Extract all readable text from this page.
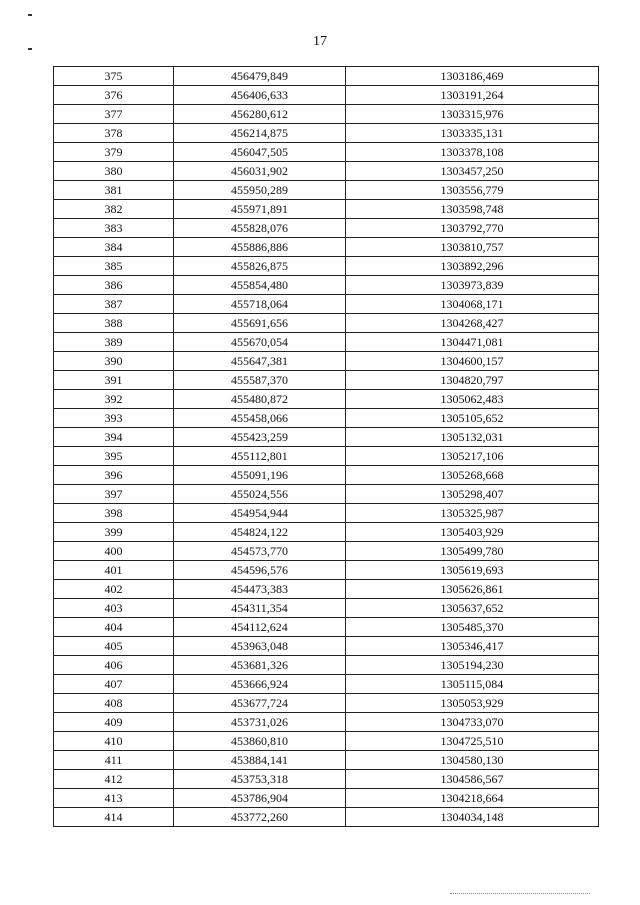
17
375	456479,849	1303186,469
376	456406,633	1303191,264
377	456280,612	1303315,976
378	456214,875	1303335,131
379	456047,505	1303378,108
380	456031,902	1303457,250
381	455950,289	1303556,779
382	455971,891	1303598,748
383	455828,076	1303792,770
384	455886,886	1303810,757
385	455826,875	1303892,296
386	455854,480	1303973,839
387	455718,064	1304068,171
388	455691,656	1304268,427
389	455670,054	1304471,081
390	455647,381	1304600,157
391	455587,370	1304820,797
392	455480,872	1305062,483
393	455458,066	1305105,652
394	455423,259	1305132,031
395	455112,801	1305217,106
396	455091,196	1305268,668
397	455024,556	1305298,407
398	454954,944	1305325,987
399	454824,122	1305403,929
400	454573,770	1305499,780
401	454596,576	1305619,693
402	454473,383	1305626,861
403	454311,354	1305637,652
404	454112,624	1305485,370
405	453963,048	1305346,417
406	453681,326	1305194,230
407	453666,924	1305115,084
408	453677,724	1305053,929
409	453731,026	1304733,070
410	453860,810	1304725,510
411	453884,141	1304580,130
412	453753,318	1304586,567
413	453786,904	1304218,664
414	453772,260	1304034,148
